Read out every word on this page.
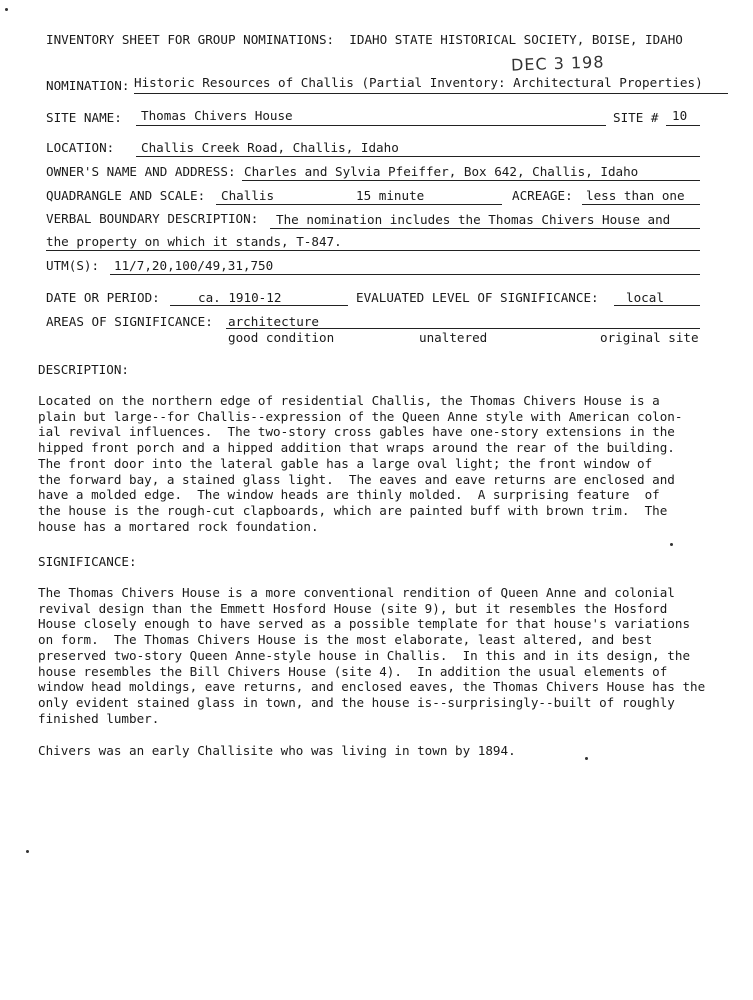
INVENTORY SHEET FOR GROUP NOMINATIONS:  IDAHO STATE HISTORICAL SOCIETY, BOISE, IDAHO
DEC 3 198
NOMINATION: Historic Resources of Challis (Partial Inventory: Architectural Properties)
SITE NAME: Thomas Chivers House	SITE # 10
LOCATION: Challis Creek Road, Challis, Idaho
OWNER'S NAME AND ADDRESS: Charles and Sylvia Pfeiffer, Box 642, Challis, Idaho
QUADRANGLE AND SCALE: Challis	15 minute	ACREAGE: less than one
VERBAL BOUNDARY DESCRIPTION: The nomination includes the Thomas Chivers House and
the property on which it stands, T-847.
UTM(S): 11/7,20,100/49,31,750
DATE OR PERIOD:	ca. 1910-12	EVALUATED LEVEL OF SIGNIFICANCE: local
AREAS OF SIGNIFICANCE: architecture
good condition	unaltered	original site
DESCRIPTION:
Located on the northern edge of residential Challis, the Thomas Chivers House is a
plain but large--for Challis--expression of the Queen Anne style with American colon-
ial revival influences.  The two-story cross gables have one-story extensions in the
hipped front porch and a hipped addition that wraps around the rear of the building.
The front door into the lateral gable has a large oval light; the front window of
the forward bay, a stained glass light.  The eaves and eave returns are enclosed and
have a molded edge.  The window heads are thinly molded.  A surprising feature  of
the house is the rough-cut clapboards, which are painted buff with brown trim.  The
house has a mortared rock foundation.
SIGNIFICANCE:
The Thomas Chivers House is a more conventional rendition of Queen Anne and colonial
revival design than the Emmett Hosford House (site 9), but it resembles the Hosford
House closely enough to have served as a possible template for that house's variations
on form.  The Thomas Chivers House is the most elaborate, least altered, and best
preserved two-story Queen Anne-style house in Challis.  In this and in its design, the
house resembles the Bill Chivers House (site 4).  In addition the usual elements of
window head moldings, eave returns, and enclosed eaves, the Thomas Chivers House has the
only evident stained glass in town, and the house is--surprisingly--built of roughly
finished lumber.
Chivers was an early Challisite who was living in town by 1894.
